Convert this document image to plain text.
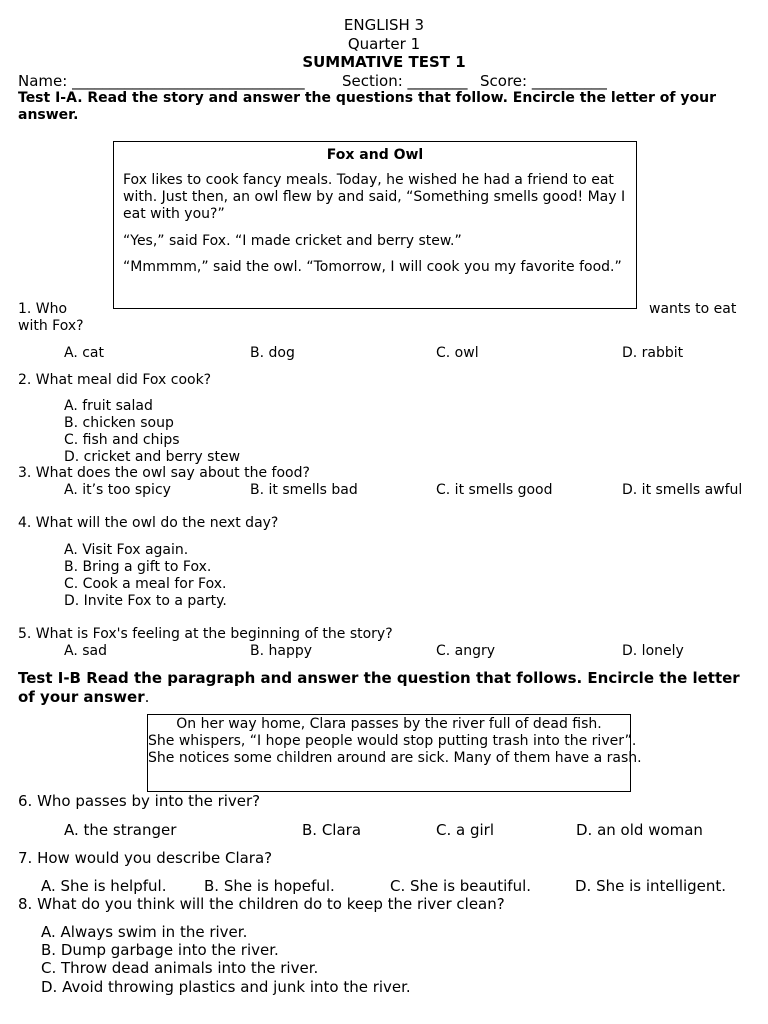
ENGLISH 3
Quarter 1
SUMMATIVE TEST 1
Name: _______________________________ Section: ________ Score: __________
Test I-A. Read the story and answer the questions that follow. Encircle the letter of your answer.
Fox and Owl
Fox likes to cook fancy meals. Today, he wished he had a friend to eat with. Just then, an owl flew by and said, “Something smells good! May I eat with you?”
“Yes,” said Fox. “I made cricket and berry stew.”
“Mmmmm,” said the owl. “Tomorrow, I will cook you my favorite food.”
1. Who	wants to eat
with Fox?
A. cat	B. dog	C. owl	D. rabbit
2. What meal did Fox cook?
A. fruit salad
B. chicken soup
C. fish and chips
D. cricket and berry stew
3. What does the owl say about the food?
A. it’s too spicy	B. it smells bad	C. it smells good	D. it smells awful
4. What will the owl do the next day?
A. Visit Fox again.
B. Bring a gift to Fox.
C. Cook a meal for Fox.
D. Invite Fox to a party.
5. What is Fox's feeling at the beginning of the story?
A. sad	B. happy	C. angry	D. lonely
Test I-B Read the paragraph and answer the question that follows. Encircle the letter of your answer.
On her way home, Clara passes by the river full of dead fish.
She whispers, “I hope people would stop putting trash into the river”.
She notices some children around are sick. Many of them have a rash.
6. Who passes by into the river?
A. the stranger	B. Clara	C. a girl	D. an old woman
7. How would you describe Clara?
A. She is helpful.	B. She is hopeful.	C. She is beautiful.	D. She is intelligent.
8. What do you think will the children do to keep the river clean?
A. Always swim in the river.
B. Dump garbage into the river.
C. Throw dead animals into the river.
D. Avoid throwing plastics and junk into the river.
